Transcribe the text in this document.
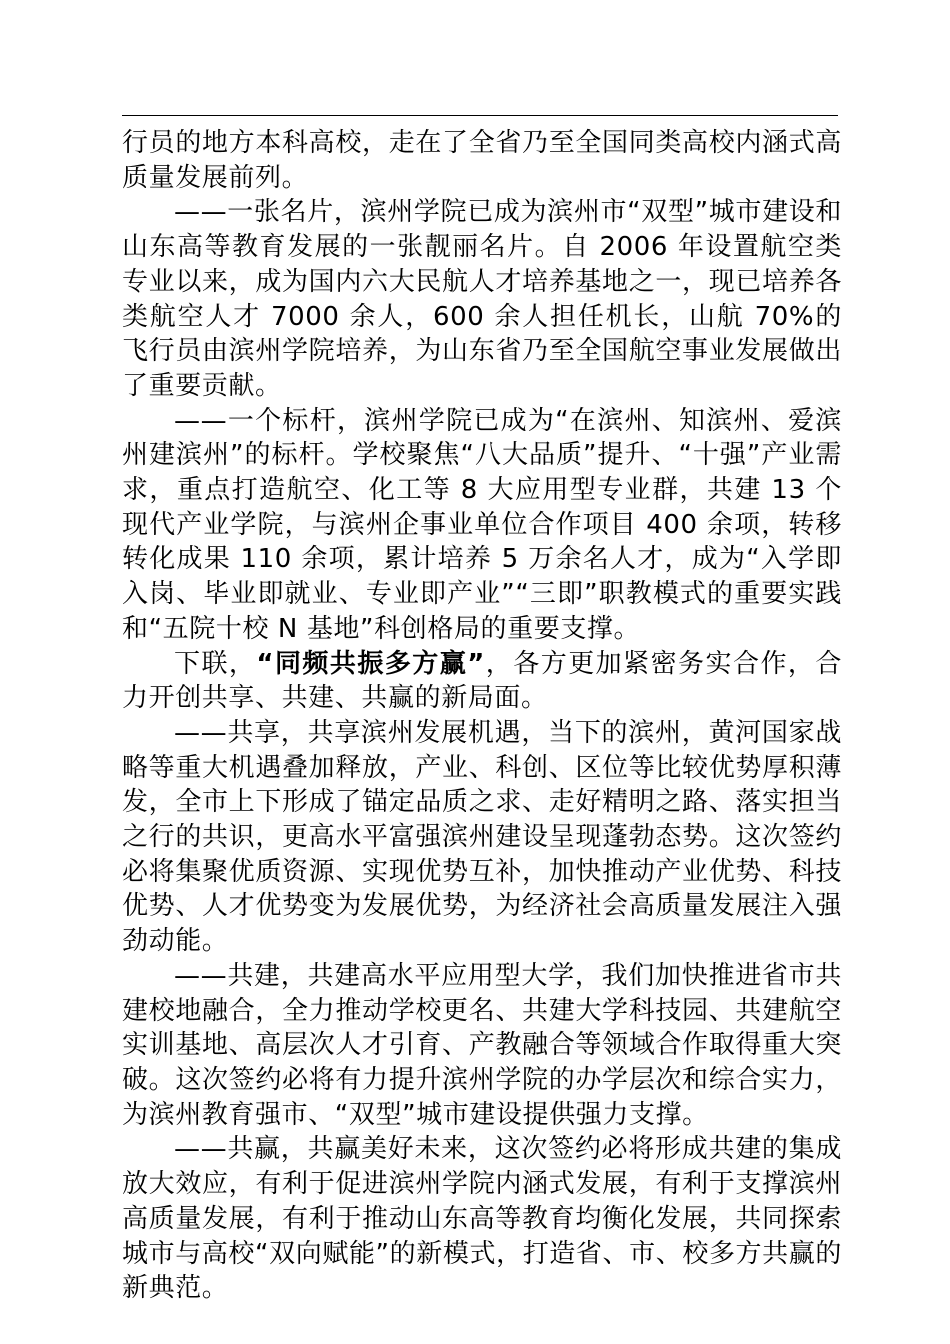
行员的地方本科高校，走在了全省乃至全国同类高校内涵式高质量发展前列。

——一张名片，滨州学院已成为滨州市“双型”城市建设和山东高等教育发展的一张靓丽名片。自 2006 年设置航空类专业以来，成为国内六大民航人才培养基地之一，现已培养各类航空人才 7000 余人，600 余人担任机长，山航 70%的飞行员由滨州学院培养，为山东省乃至全国航空事业发展做出了重要贡献。

——一个标杆，滨州学院已成为“在滨州、知滨州、爱滨州建滨州”的标杆。学校聚焦“八大品质”提升、“十强”产业需求，重点打造航空、化工等 8 大应用型专业群，共建 13 个现代产业学院，与滨州企事业单位合作项目 400 余项，转移转化成果 110 余项，累计培养 5 万余名人才，成为“入学即入岗、毕业即就业、专业即产业”“三即”职教模式的重要实践和“五院十校 N 基地”科创格局的重要支撑。

下联，“同频共振多方赢”，各方更加紧密务实合作，合力开创共享、共建、共赢的新局面。

——共享，共享滨州发展机遇，当下的滨州，黄河国家战略等重大机遇叠加释放，产业、科创、区位等比较优势厚积薄发，全市上下形成了锚定品质之求、走好精明之路、落实担当之行的共识，更高水平富强滨州建设呈现蓬勃态势。这次签约必将集聚优质资源、实现优势互补，加快推动产业优势、科技优势、人才优势变为发展优势，为经济社会高质量发展注入强劲动能。

——共建，共建高水平应用型大学，我们加快推进省市共建校地融合，全力推动学校更名、共建大学科技园、共建航空实训基地、高层次人才引育、产教融合等领域合作取得重大突破。这次签约必将有力提升滨州学院的办学层次和综合实力，为滨州教育强市、“双型”城市建设提供强力支撑。

——共赢，共赢美好未来，这次签约必将形成共建的集成放大效应，有利于促进滨州学院内涵式发展，有利于支撑滨州高质量发展，有利于推动山东高等教育均衡化发展，共同探索城市与高校“双向赋能”的新模式，打造省、市、校多方共赢的新典范。
